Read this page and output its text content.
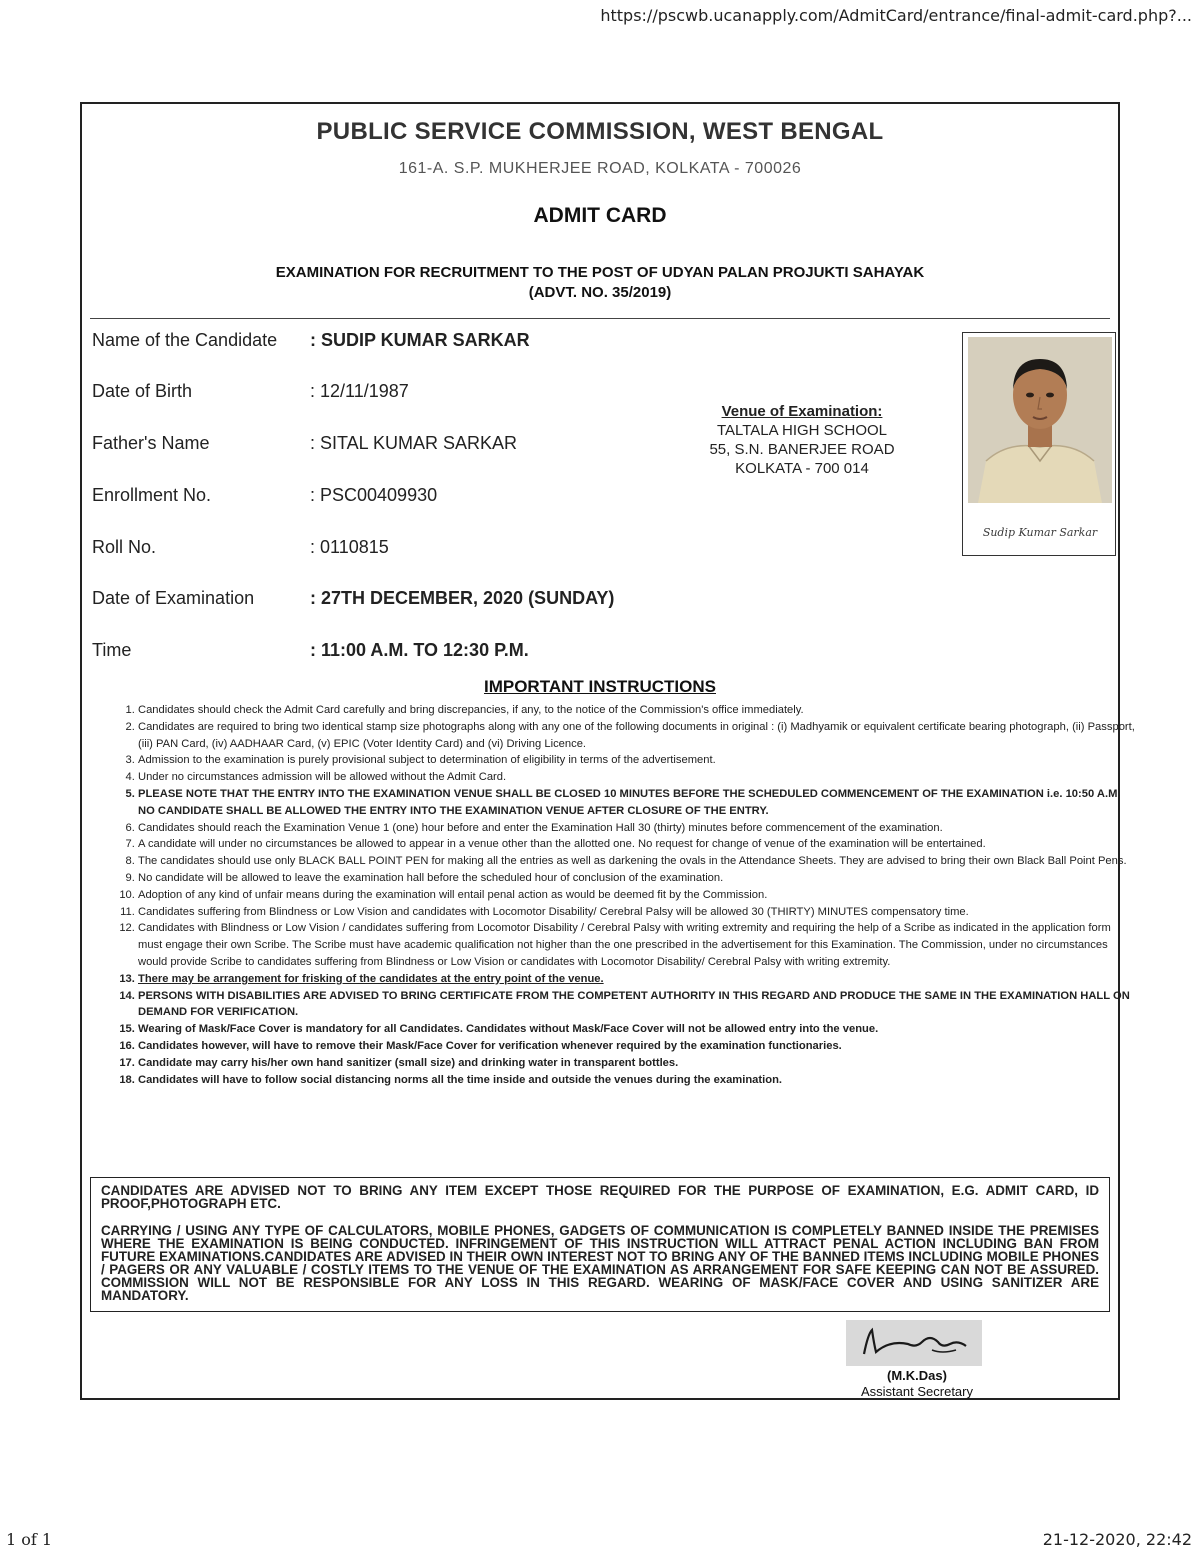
https://pscwb.ucanapply.com/AdmitCard/entrance/final-admit-card.php?...
PUBLIC SERVICE COMMISSION, WEST BENGAL
161-A. S.P. MUKHERJEE ROAD, KOLKATA - 700026
ADMIT CARD
EXAMINATION FOR RECRUITMENT TO THE POST OF UDYAN PALAN PROJUKTI SAHAYAK
(ADVT. NO. 35/2019)
Name of the Candidate	: SUDIP KUMAR SARKAR
Date of Birth	: 12/11/1987
Father's Name	: SITAL KUMAR SARKAR
Enrollment No.	: PSC00409930
Roll No.	: 0110815
Date of Examination	: 27TH DECEMBER, 2020 (SUNDAY)
Time	: 11:00 A.M. TO 12:30 P.M.
Venue of Examination:
TALTALA HIGH SCHOOL
55, S.N. BANERJEE ROAD
KOLKATA - 700 014
Sudip Kumar Sarkar
IMPORTANT INSTRUCTIONS
1. Candidates should check the Admit Card carefully and bring discrepancies, if any, to the notice of the Commission's office immediately.
2. Candidates are required to bring two identical stamp size photographs along with any one of the following documents in original : (i) Madhyamik or equivalent certificate bearing photograph, (ii) Passport, (iii) PAN Card, (iv) AADHAAR Card, (v) EPIC (Voter Identity Card) and (vi) Driving Licence.
3. Admission to the examination is purely provisional subject to determination of eligibility in terms of the advertisement.
4. Under no circumstances admission will be allowed without the Admit Card.
5. PLEASE NOTE THAT THE ENTRY INTO THE EXAMINATION VENUE SHALL BE CLOSED 10 MINUTES BEFORE THE SCHEDULED COMMENCEMENT OF THE EXAMINATION i.e. 10:50 A.M. NO CANDIDATE SHALL BE ALLOWED THE ENTRY INTO THE EXAMINATION VENUE AFTER CLOSURE OF THE ENTRY.
6. Candidates should reach the Examination Venue 1 (one) hour before and enter the Examination Hall 30 (thirty) minutes before commencement of the examination.
7. A candidate will under no circumstances be allowed to appear in a venue other than the allotted one. No request for change of venue of the examination will be entertained.
8. The candidates should use only BLACK BALL POINT PEN for making all the entries as well as darkening the ovals in the Attendance Sheets. They are advised to bring their own Black Ball Point Pens.
9. No candidate will be allowed to leave the examination hall before the scheduled hour of conclusion of the examination.
10. Adoption of any kind of unfair means during the examination will entail penal action as would be deemed fit by the Commission.
11. Candidates suffering from Blindness or Low Vision and candidates with Locomotor Disability/ Cerebral Palsy will be allowed 30 (THIRTY) MINUTES compensatory time.
12. Candidates with Blindness or Low Vision / candidates suffering from Locomotor Disability / Cerebral Palsy with writing extremity and requiring the help of a Scribe as indicated in the application form must engage their own Scribe. The Scribe must have academic qualification not higher than the one prescribed in the advertisement for this Examination. The Commission, under no circumstances would provide Scribe to candidates suffering from Blindness or Low Vision or candidates with Locomotor Disability/ Cerebral Palsy with writing extremity.
13. There may be arrangement for frisking of the candidates at the entry point of the venue.
14. PERSONS WITH DISABILITIES ARE ADVISED TO BRING CERTIFICATE FROM THE COMPETENT AUTHORITY IN THIS REGARD AND PRODUCE THE SAME IN THE EXAMINATION HALL ON DEMAND FOR VERIFICATION.
15. Wearing of Mask/Face Cover is mandatory for all Candidates. Candidates without Mask/Face Cover will not be allowed entry into the venue.
16. Candidates however, will have to remove their Mask/Face Cover for verification whenever required by the examination functionaries.
17. Candidate may carry his/her own hand sanitizer (small size) and drinking water in transparent bottles.
18. Candidates will have to follow social distancing norms all the time inside and outside the venues during the examination.

CANDIDATES ARE ADVISED NOT TO BRING ANY ITEM EXCEPT THOSE REQUIRED FOR THE PURPOSE OF EXAMINATION, E.G. ADMIT CARD, ID PROOF,PHOTOGRAPH ETC.

CARRYING / USING ANY TYPE OF CALCULATORS, MOBILE PHONES, GADGETS OF COMMUNICATION IS COMPLETELY BANNED INSIDE THE PREMISES WHERE THE EXAMINATION IS BEING CONDUCTED. INFRINGEMENT OF THIS INSTRUCTION WILL ATTRACT PENAL ACTION INCLUDING BAN FROM FUTURE EXAMINATIONS.CANDIDATES ARE ADVISED IN THEIR OWN INTEREST NOT TO BRING ANY OF THE BANNED ITEMS INCLUDING MOBILE PHONES / PAGERS OR ANY VALUABLE / COSTLY ITEMS TO THE VENUE OF THE EXAMINATION AS ARRANGEMENT FOR SAFE KEEPING CAN NOT BE ASSURED. COMMISSION WILL NOT BE RESPONSIBLE FOR ANY LOSS IN THIS REGARD. WEARING OF MASK/FACE COVER AND USING SANITIZER ARE MANDATORY.

(M.K.Das)
Assistant Secretary
1 of 1	21-12-2020, 22:42
